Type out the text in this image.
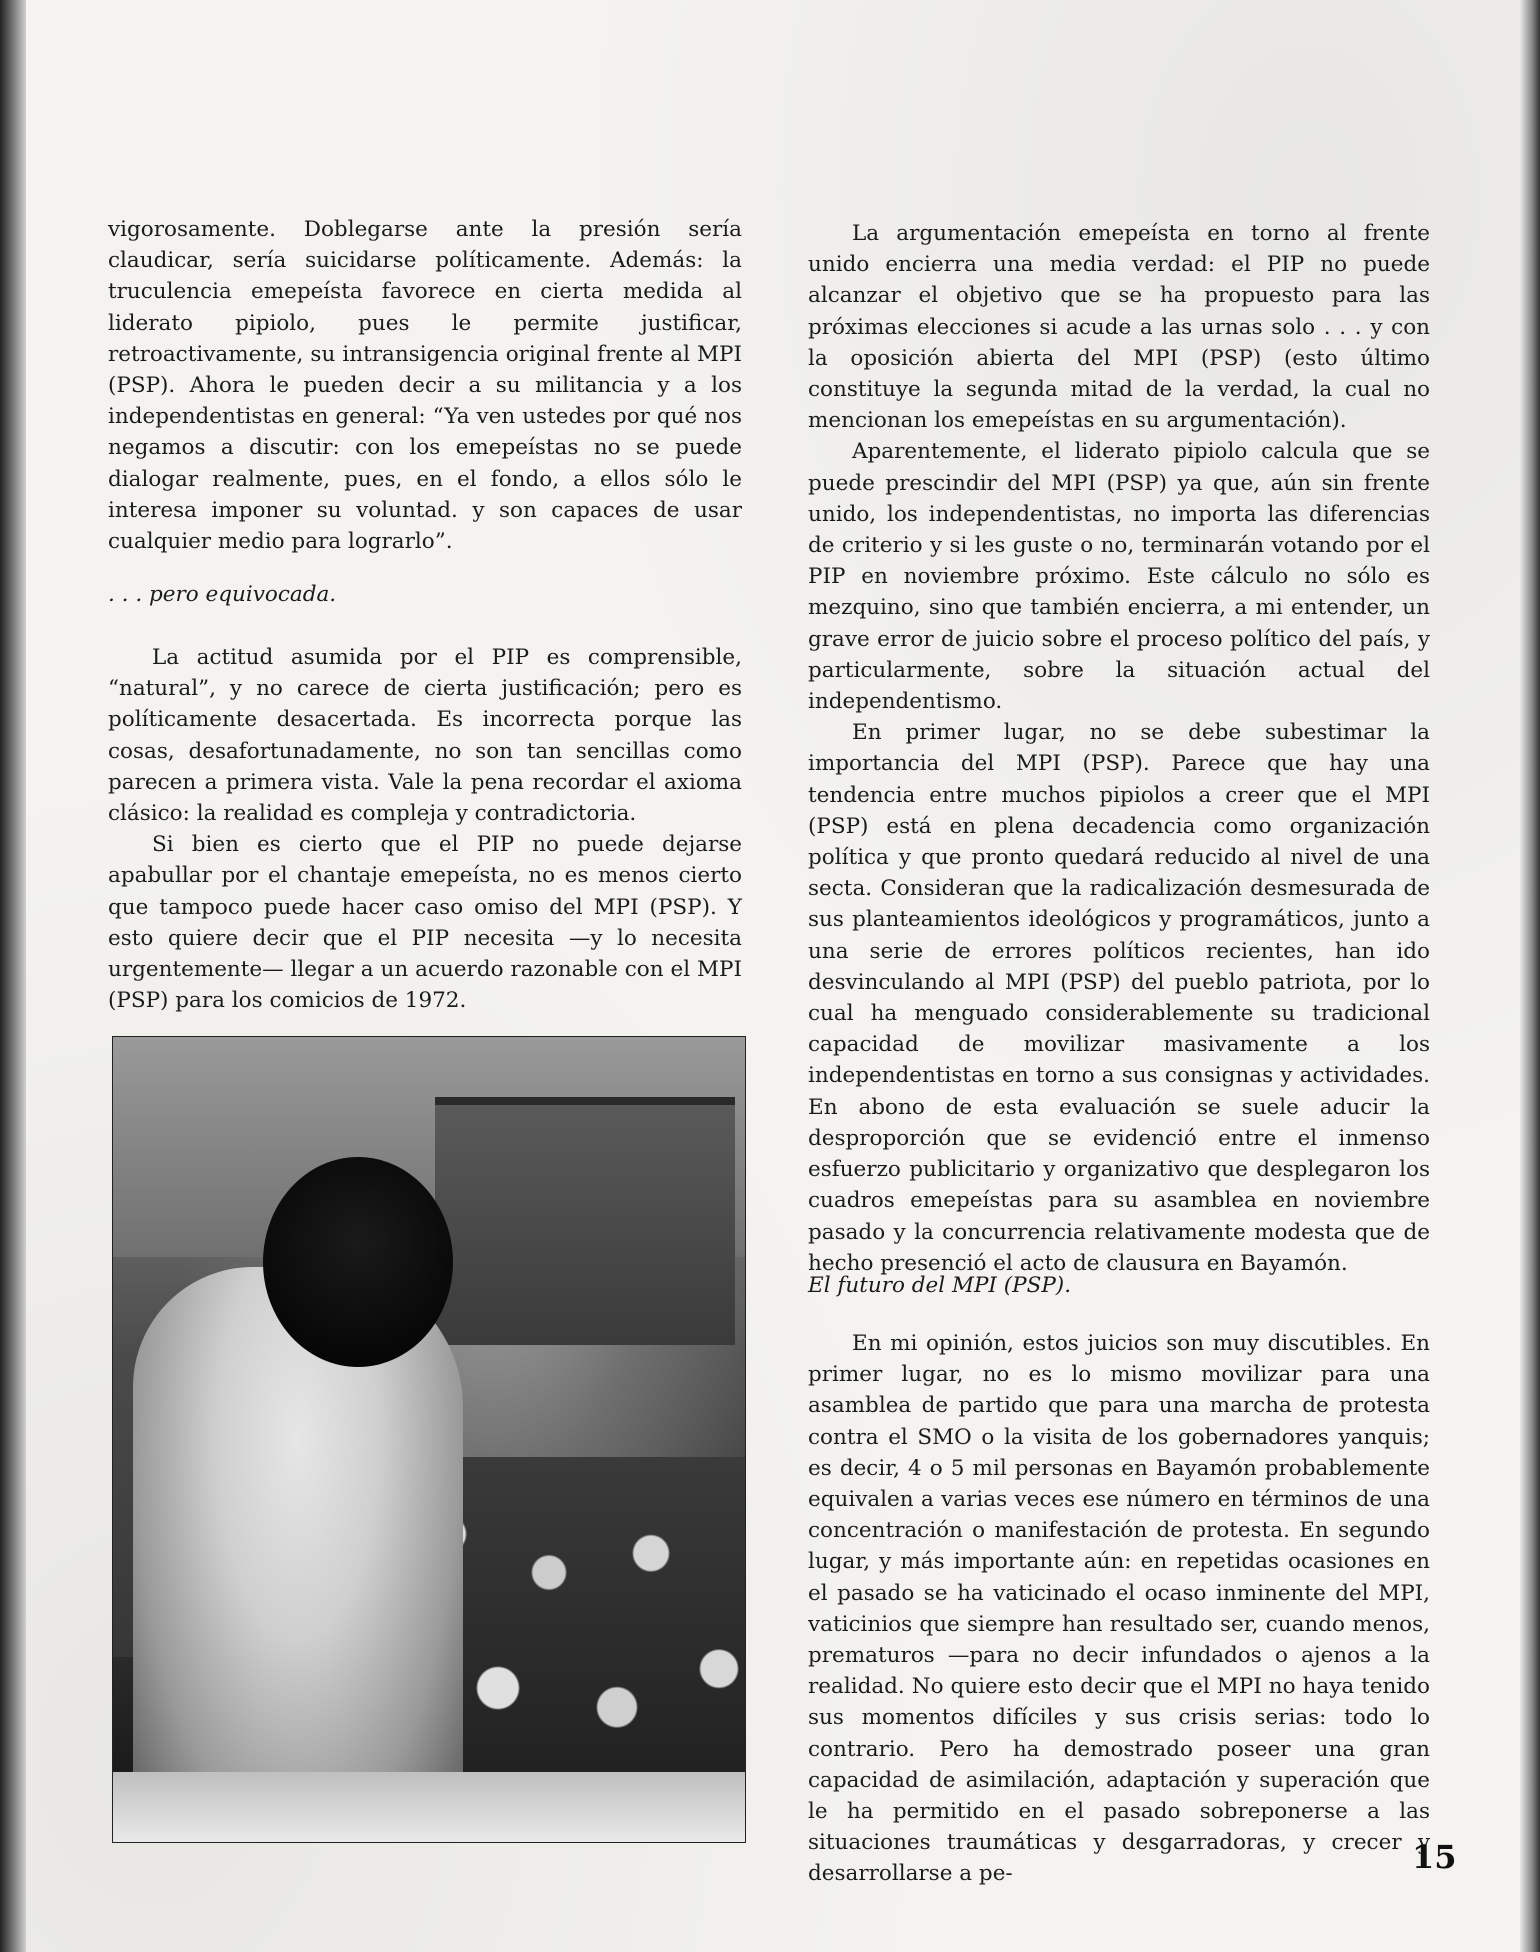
vigorosamente. Doblegarse ante la presión sería claudicar, sería suicidarse políticamente. Además: la truculencia emepeísta favorece en cierta medida al liderato pipiolo, pues le permite justificar, retroactivamente, su intransigencia original frente al MPI (PSP). Ahora le pueden decir a su militancia y a los independentistas en general: “Ya ven ustedes por qué nos negamos a discutir: con los emepeístas no se puede dialogar realmente, pues, en el fondo, a ellos sólo le interesa imponer su voluntad. y son capaces de usar cualquier medio para lograrlo”.

. . . pero equivocada.

La actitud asumida por el PIP es comprensible, “natural”, y no carece de cierta justificación; pero es políticamente desacertada. Es incorrecta porque las cosas, desafortunadamente, no son tan sencillas como parecen a primera vista. Vale la pena recordar el axioma clásico: la realidad es compleja y contradictoria.

Si bien es cierto que el PIP no puede dejarse apabullar por el chantaje emepeísta, no es menos cierto que tampoco puede hacer caso omiso del MPI (PSP). Y esto quiere decir que el PIP necesita —y lo necesita urgentemente— llegar a un acuerdo razonable con el MPI (PSP) para los comicios de 1972.

La argumentación emepeísta en torno al frente unido encierra una media verdad: el PIP no puede alcanzar el objetivo que se ha propuesto para las próximas elecciones si acude a las urnas solo . . . y con la oposición abierta del MPI (PSP) (esto último constituye la segunda mitad de la verdad, la cual no mencionan los emepeístas en su argumentación).

Aparentemente, el liderato pipiolo calcula que se puede prescindir del MPI (PSP) ya que, aún sin frente unido, los independentistas, no importa las diferencias de criterio y si les guste o no, terminarán votando por el PIP en noviembre próximo. Este cálculo no sólo es mezquino, sino que también encierra, a mi entender, un grave error de juicio sobre el proceso político del país, y particularmente, sobre la situación actual del independentismo.

En primer lugar, no se debe subestimar la importancia del MPI (PSP). Parece que hay una tendencia entre muchos pipiolos a creer que el MPI (PSP) está en plena decadencia como organización política y que pronto quedará reducido al nivel de una secta. Consideran que la radicalización desmesurada de sus planteamientos ideológicos y programáticos, junto a una serie de errores políticos recientes, han ido desvinculando al MPI (PSP) del pueblo patriota, por lo cual ha menguado considerablemente su tradicional capacidad de movilizar masivamente a los independentistas en torno a sus consignas y actividades. En abono de esta evaluación se suele aducir la desproporción que se evidenció entre el inmenso esfuerzo publicitario y organizativo que desplegaron los cuadros emepeístas para su asamblea en noviembre pasado y la concurrencia relativamente modesta que de hecho presenció el acto de clausura en Bayamón.

El futuro del MPI (PSP).

En mi opinión, estos juicios son muy discutibles. En primer lugar, no es lo mismo movilizar para una asamblea de partido que para una marcha de protesta contra el SMO o la visita de los gobernadores yanquis; es decir, 4 o 5 mil personas en Bayamón probablemente equivalen a varias veces ese número en términos de una concentración o manifestación de protesta. En segundo lugar, y más importante aún: en repetidas ocasiones en el pasado se ha vaticinado el ocaso inminente del MPI, vaticinios que siempre han resultado ser, cuando menos, prematuros —para no decir infundados o ajenos a la realidad. No quiere esto decir que el MPI no haya tenido sus momentos difíciles y sus crisis serias: todo lo contrario. Pero ha demostrado poseer una gran capacidad de asimilación, adaptación y superación que le ha permitido en el pasado sobreponerse a las situaciones traumáticas y desgarradoras, y crecer y desarrollarse a pe-	15
